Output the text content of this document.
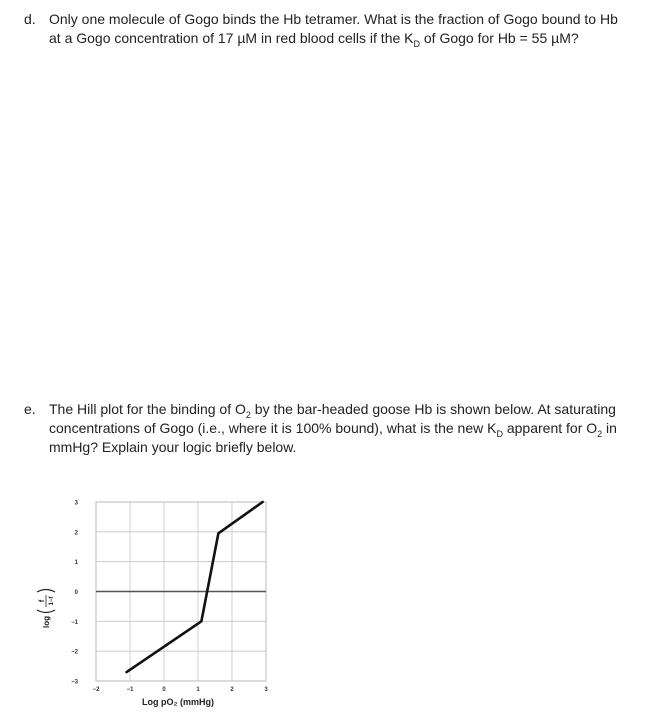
d. Only one molecule of Gogo binds the Hb tetramer. What is the fraction of Gogo bound to Hb at a Gogo concentration of 17 µM in red blood cells if the $K_D$ of Gogo for Hb = 55 µM?
e. The Hill plot for the binding of $O_2$ by the bar-headed goose Hb is shown below. At saturating concentrations of Gogo (i.e., where it is 100% bound), what is the new $K_D$ apparent for $O_2$ in mmHg? Explain your logic briefly below.
3
2
1
0
−1
−2
−3
−2	−1	0	1	2	3
Log pO₂ (mmHg)
log
f 1−f
